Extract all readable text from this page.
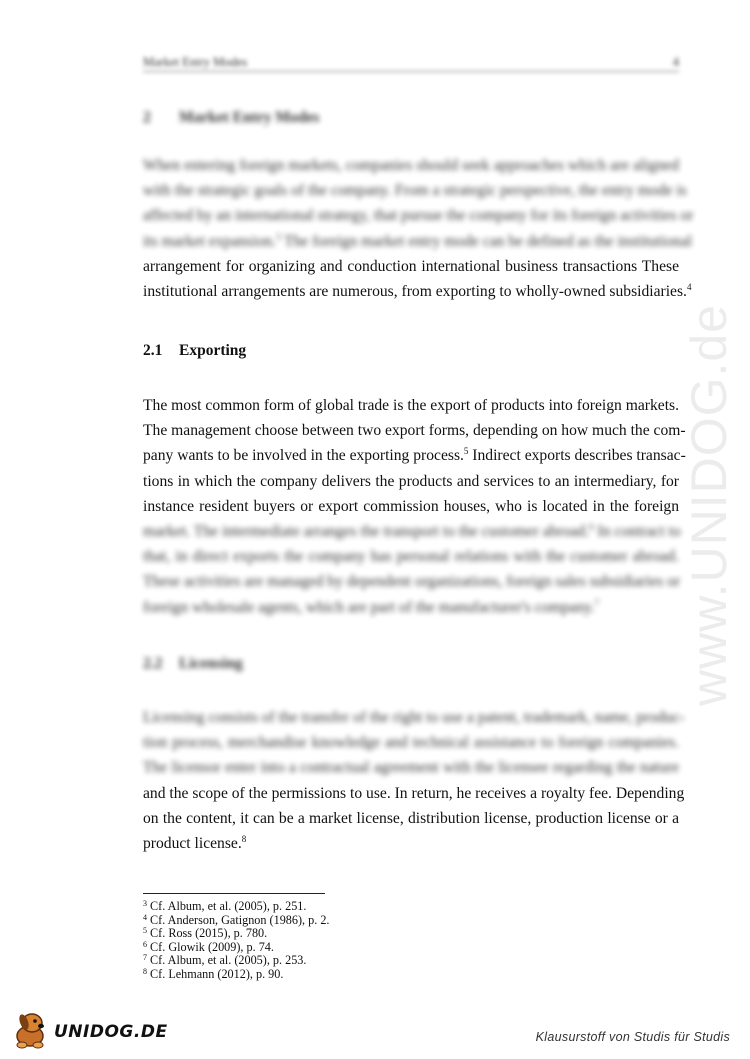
www.UNIDOG.de
Market Entry Modes	4
2 Market Entry Modes
When entering foreign markets, companies should seek approaches which are aligned
with the strategic goals of the company. From a strategic perspective, the entry mode is
affected by an international strategy, that pursue the company for its foreign activities or
its market expansion.$^3$ The foreign market entry mode can be defined as the institutional
arrangement for organizing and conduction international business transactions These
institutional arrangements are numerous, from exporting to wholly-owned subsidiaries.$^4$
2.1 Exporting
The most common form of global trade is the export of products into foreign markets.
The management choose between two export forms, depending on how much the com-
pany wants to be involved in the exporting process.$^5$ Indirect exports describes transac-
tions in which the company delivers the products and services to an intermediary, for
instance resident buyers or export commission houses, who is located in the foreign
market. The intermediate arranges the transport to the customer abroad.$^6$ In contract to
that, in direct exports the company has personal relations with the customer abroad.
These activities are managed by dependent organizations, foreign sales subsidiaries or
foreign wholesale agents, which are part of the manufacturer's company.$^7$
2.2 Licensing
Licensing consists of the transfer of the right to use a patent, trademark, name, produc-
tion process, merchandise knowledge and technical assistance to foreign companies.
The licensor enter into a contractual agreement with the licensee regarding the nature
and the scope of the permissions to use. In return, he receives a royalty fee. Depending
on the content, it can be a market license, distribution license, production license or a
product license.$^8$
$^3$ Cf. Album, et al. (2005), p. 251.
$^4$ Cf. Anderson, Gatignon (1986), p. 2.
$^5$ Cf. Ross (2015), p. 780.
$^6$ Cf. Glowik (2009), p. 74.
$^7$ Cf. Album, et al. (2005), p. 253.
$^8$ Cf. Lehmann (2012), p. 90.
UNIDOG.DE	Klausurstoff von Studis für Studis
